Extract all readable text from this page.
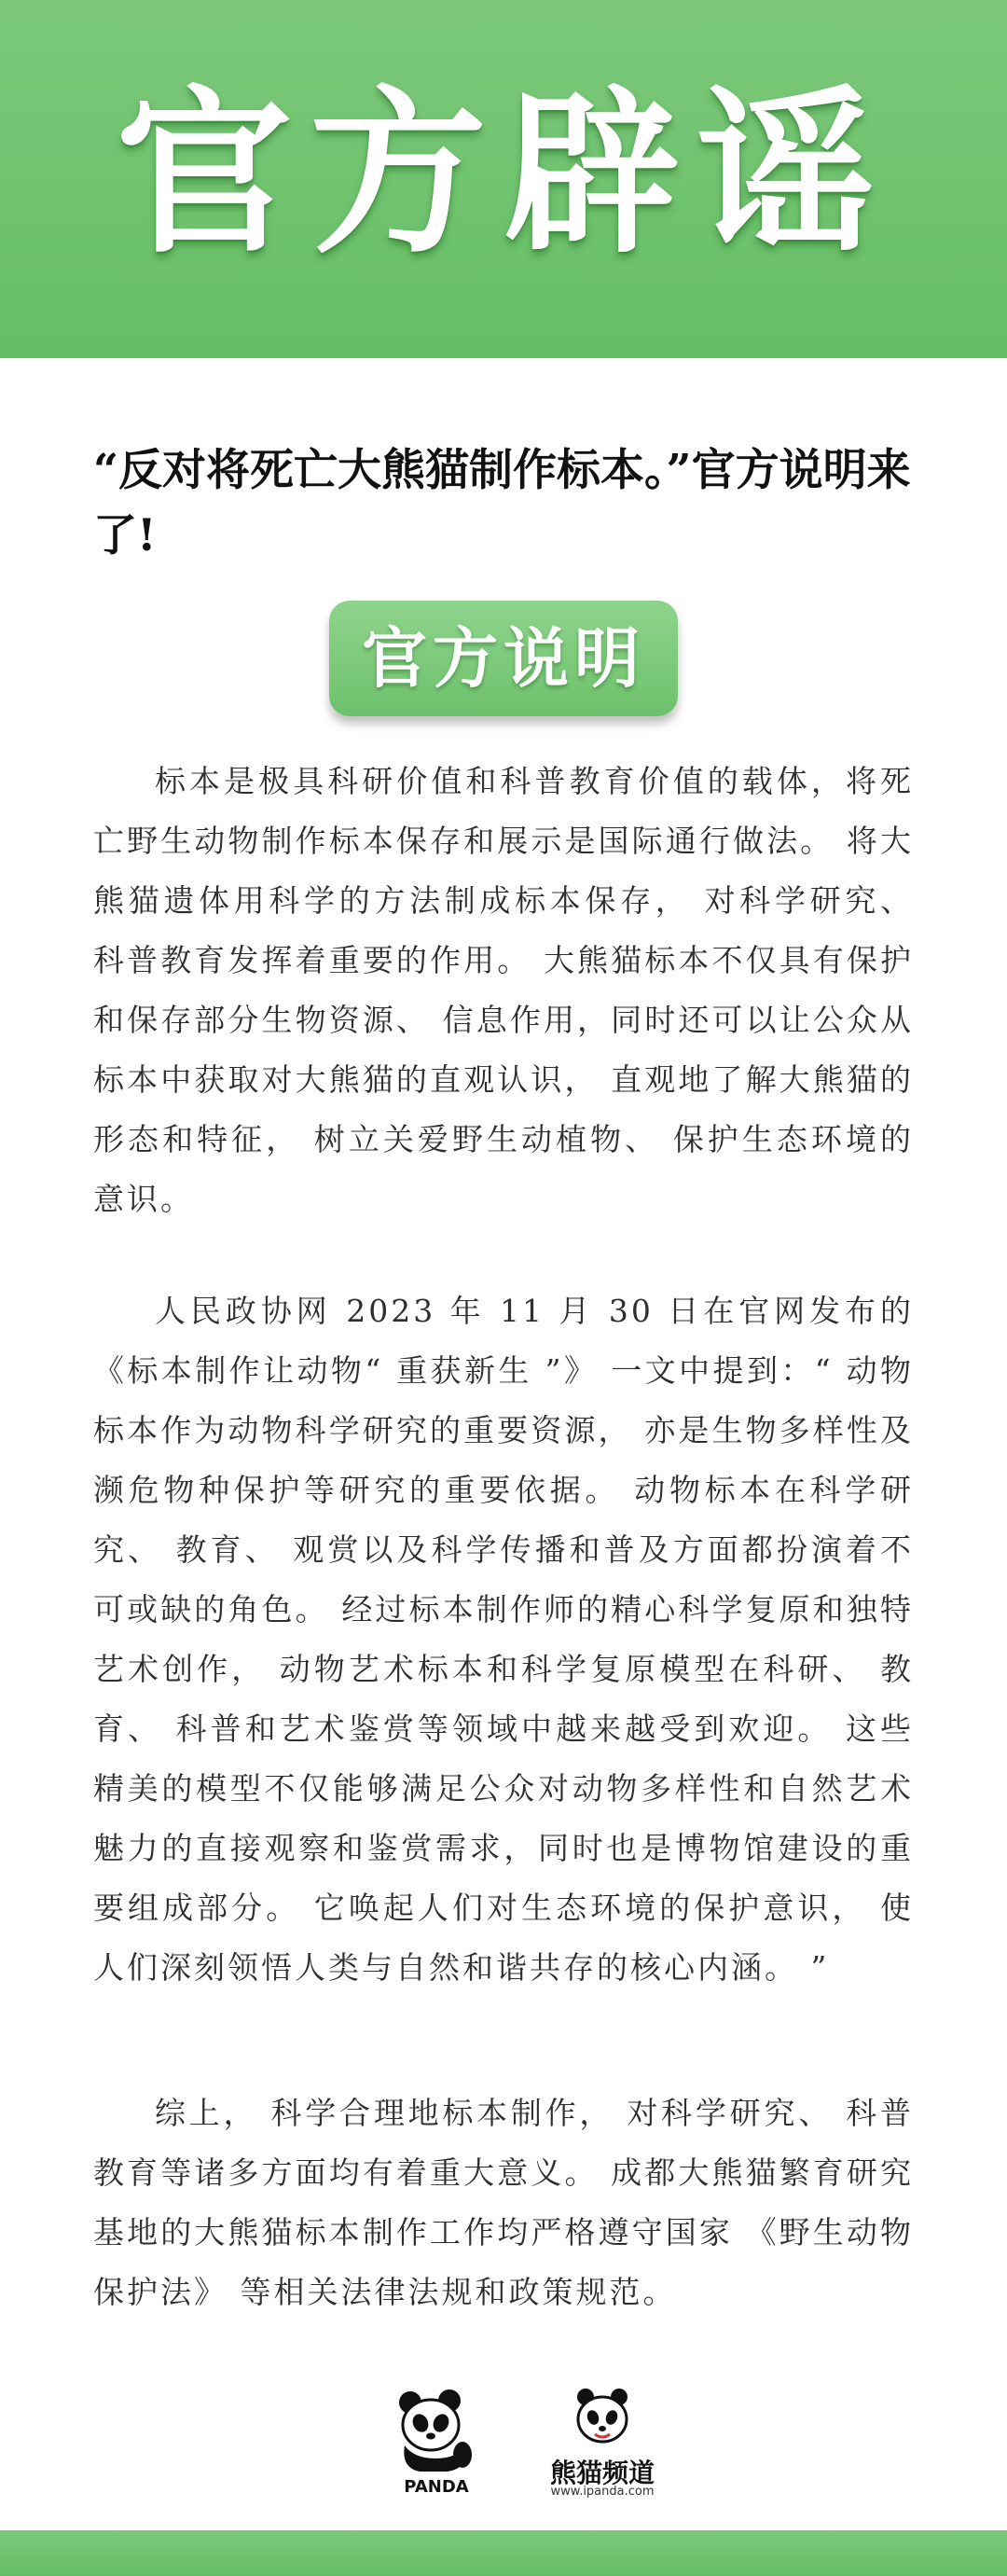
官方辟谣
“反对将死亡大熊猫制作标本。”官方说明来了!
官方说明
标本是极具科研价值和科普教育价值的载体，将死亡野生动物制作标本保存和展示是国际通行做法。 将大熊猫遗体用科学的方法制成标本保存， 对科学研究、 科普教育发挥着重要的作用。 大熊猫标本不仅具有保护和保存部分生物资源、 信息作用，同时还可以让公众从标本中获取对大熊猫的直观认识， 直观地了解大熊猫的形态和特征， 树立关爱野生动植物、 保护生态环境的意识。
人民政协网 2023 年 11 月 30 日在官网发布的《标本制作让动物“ 重获新生 ”》 一文中提到：“ 动物标本作为动物科学研究的重要资源， 亦是生物多样性及濒危物种保护等研究的重要依据。 动物标本在科学研究、 教育、 观赏以及科学传播和普及方面都扮演着不可或缺的角色。 经过标本制作师的精心科学复原和独特艺术创作， 动物艺术标本和科学复原模型在科研、 教育、 科普和艺术鉴赏等领域中越来越受到欢迎。 这些精美的模型不仅能够满足公众对动物多样性和自然艺术魅力的直接观察和鉴赏需求，同时也是博物馆建设的重要组成部分。 它唤起人们对生态环境的保护意识， 使人们深刻领悟人类与自然和谐共存的核心内涵。 ”
综上， 科学合理地标本制作， 对科学研究、 科普教育等诸多方面均有着重大意义。 成都大熊猫繁育研究基地的大熊猫标本制作工作均严格遵守国家 《野生动物保护法》 等相关法律法规和政策规范。
PANDA	熊猫频道
www.ipanda.com
